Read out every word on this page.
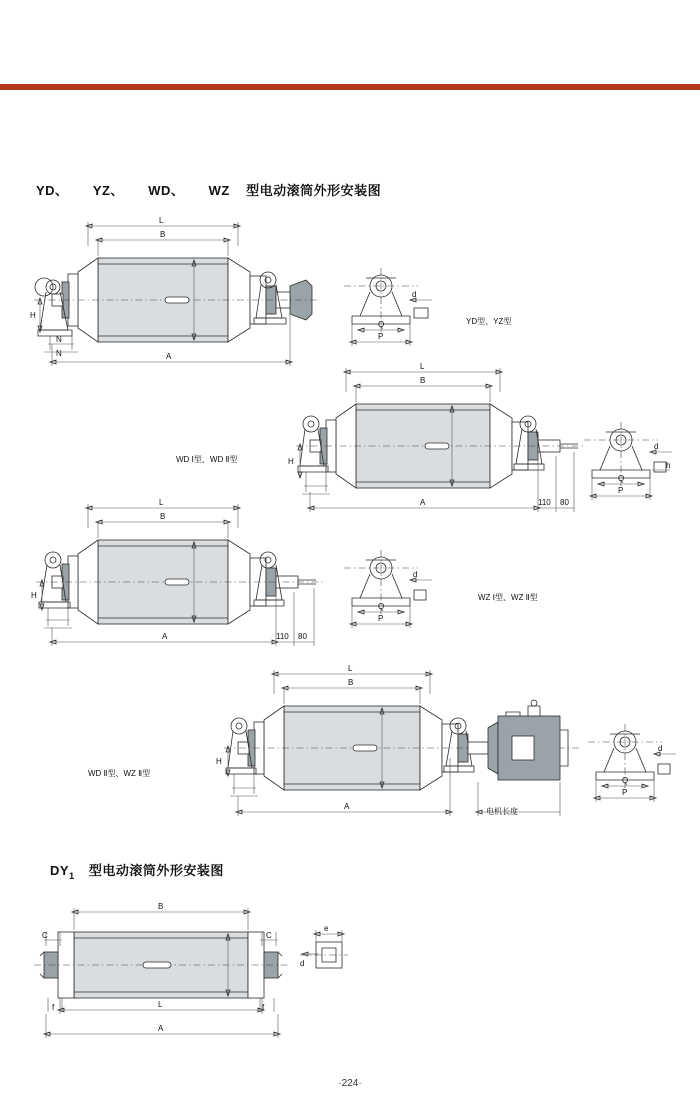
YD、 YZ、 WD、 WZ 型电动滚筒外形安装图
DY1 型电动滚筒外形安装图
YD型、YZ型
WD Ⅰ型、WD Ⅱ型
WZ Ⅰ型、WZ Ⅱ型
WD Ⅱ型、WZ Ⅱ型
电机长度
·224·
L
B
H
N
N	A
d
Q
P
L
B
H
A	110 80
d
h
Q
P
L
B
H
A	110 80
d
Q
P
L
B
H
A
d
Q
P
B
C	C
f	f
L
A
e
d
